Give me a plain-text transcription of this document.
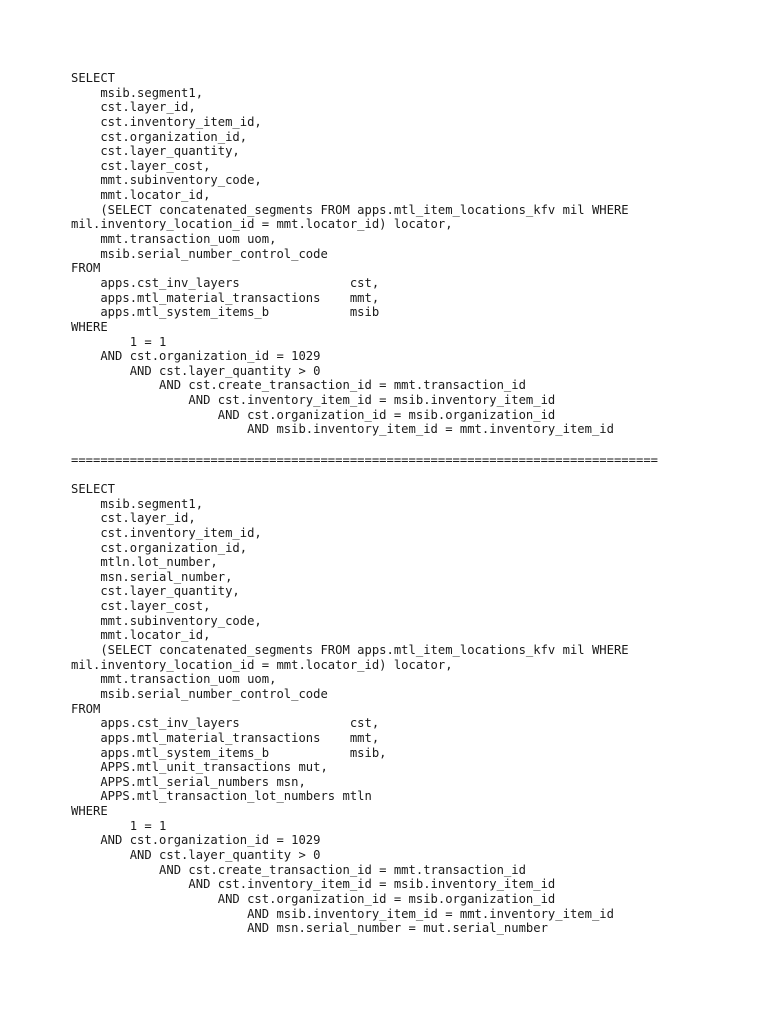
SELECT
msib.segment1,
cst.layer_id,
cst.inventory_item_id,
cst.organization_id,
cst.layer_quantity,
cst.layer_cost,
mmt.subinventory_code,
mmt.locator_id,
(SELECT concatenated_segments FROM apps.mtl_item_locations_kfv mil WHERE
mil.inventory_location_id = mmt.locator_id) locator,
mmt.transaction_uom uom,
msib.serial_number_control_code
FROM
apps.cst_inv_layers               cst,
apps.mtl_material_transactions    mmt,
apps.mtl_system_items_b           msib
WHERE
1 = 1
AND cst.organization_id = 1029
AND cst.layer_quantity > 0
AND cst.create_transaction_id = mmt.transaction_id
AND cst.inventory_item_id = msib.inventory_item_id
AND cst.organization_id = msib.organization_id
AND msib.inventory_item_id = mmt.inventory_item_id
================================================================================
SELECT
msib.segment1,
cst.layer_id,
cst.inventory_item_id,
cst.organization_id,
mtln.lot_number,
msn.serial_number,
cst.layer_quantity,
cst.layer_cost,
mmt.subinventory_code,
mmt.locator_id,
(SELECT concatenated_segments FROM apps.mtl_item_locations_kfv mil WHERE
mil.inventory_location_id = mmt.locator_id) locator,
mmt.transaction_uom uom,
msib.serial_number_control_code
FROM
apps.cst_inv_layers               cst,
apps.mtl_material_transactions    mmt,
apps.mtl_system_items_b           msib,
APPS.mtl_unit_transactions mut,
APPS.mtl_serial_numbers msn,
APPS.mtl_transaction_lot_numbers mtln
WHERE
1 = 1
AND cst.organization_id = 1029
AND cst.layer_quantity > 0
AND cst.create_transaction_id = mmt.transaction_id
AND cst.inventory_item_id = msib.inventory_item_id
AND cst.organization_id = msib.organization_id
AND msib.inventory_item_id = mmt.inventory_item_id
AND msn.serial_number = mut.serial_number
